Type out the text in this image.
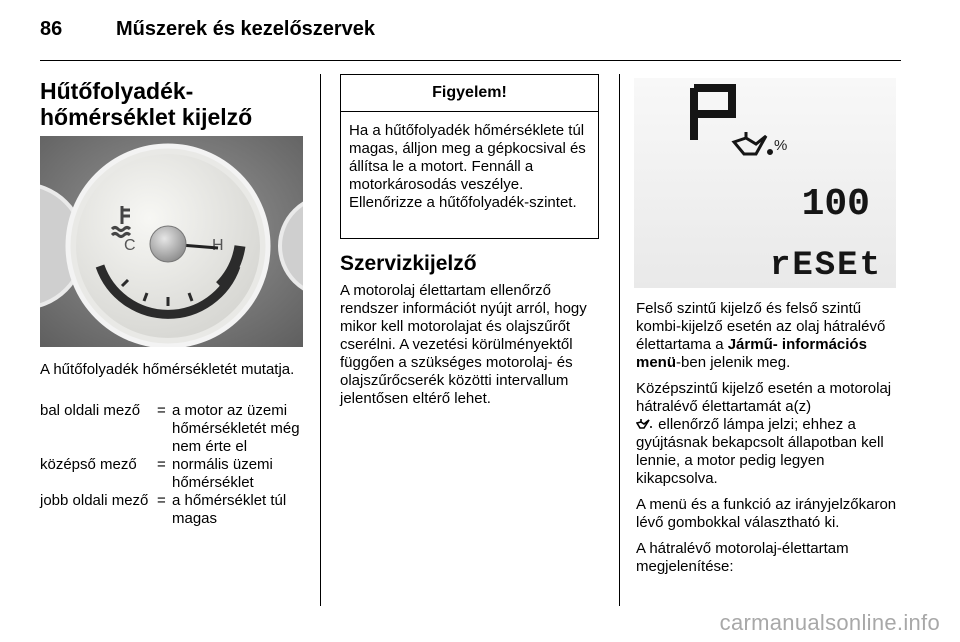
86	Műszerek és kezelőszervek
Hűtőfolyadék-hőmérséklet kijelző
C	H
A hűtőfolyadék hőmérsékletét mutatja.
bal oldali mező	= a motor az üzemi hőmérsékletét még nem érte el
középső mező	= normális üzemi hőmérséklet
jobb oldali mező = a hőmérséklet túl magas
Figyelem!
Ha a hűtőfolyadék hőmérséklete túl magas, álljon meg a gépkocsival és állítsa le a motort. Fennáll a motorkárosodás veszélye. Ellenőrizze a hűtőfolyadék-szintet.
Szervizkijelző

A motorolaj élettartam ellenőrző rendszer információt nyújt arról, hogy mikor kell motorolajat és olajszűrőt cserélni. A vezetési körülményektől függően a szükséges motorolaj- és olajszűrőcserék közötti intervallum jelentősen eltérő lehet.

%
100
rESEt

Felső szintű kijelző és felső szintű kombi-kijelző esetén az olaj hátralévő élettartama a Jármű- információs menü-ben jelenik meg.

Középszintű kijelző esetén a motorolaj hátralévő élettartamát a(z)
ellenőrző lámpa jelzi; ehhez a gyújtásnak bekapcsolt állapotban kell lennie, a motor pedig legyen kikapcsolva.

A menü és a funkció az irányjelzőkaron lévő gombokkal választható ki.

A hátralévő motorolaj-élettartam megjelenítése:

carmanualsonline.info
